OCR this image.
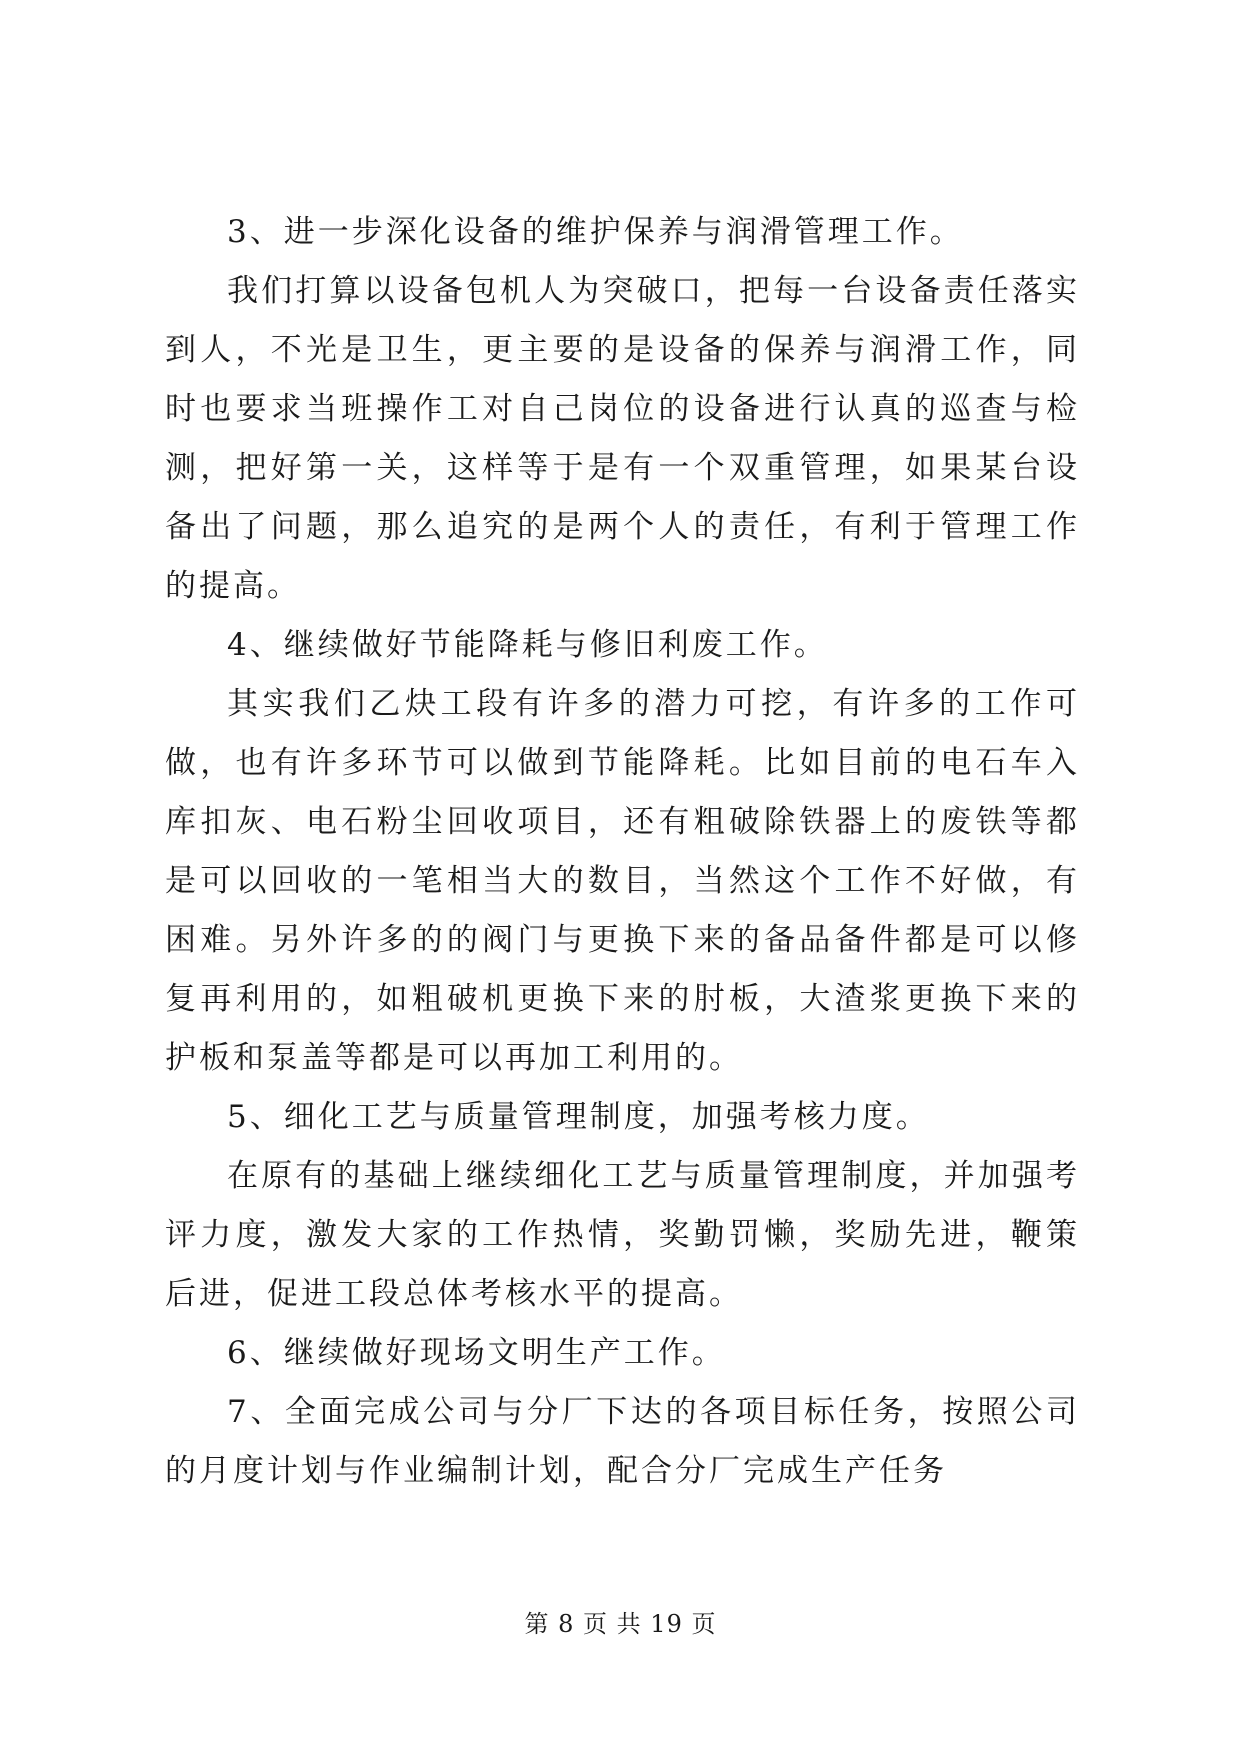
3、进一步深化设备的维护保养与润滑管理工作。

我们打算以设备包机人为突破口，把每一台设备责任落实到人，不光是卫生，更主要的是设备的保养与润滑工作，同时也要求当班操作工对自己岗位的设备进行认真的巡查与检测，把好第一关，这样等于是有一个双重管理，如果某台设备出了问题，那么追究的是两个人的责任，有利于管理工作的提高。

4、继续做好节能降耗与修旧利废工作。

其实我们乙炔工段有许多的潜力可挖，有许多的工作可做，也有许多环节可以做到节能降耗。比如目前的电石车入库扣灰、电石粉尘回收项目，还有粗破除铁器上的废铁等都是可以回收的一笔相当大的数目，当然这个工作不好做，有困难。另外许多的的阀门与更换下来的备品备件都是可以修复再利用的，如粗破机更换下来的肘板，大渣浆更换下来的护板和泵盖等都是可以再加工利用的。

5、细化工艺与质量管理制度，加强考核力度。

在原有的基础上继续细化工艺与质量管理制度，并加强考评力度，激发大家的工作热情，奖勤罚懒，奖励先进，鞭策后进，促进工段总体考核水平的提高。

6、继续做好现场文明生产工作。

7、全面完成公司与分厂下达的各项目标任务，按照公司的月度计划与作业编制计划，配合分厂完成生产任务

第 8 页 共 19 页
